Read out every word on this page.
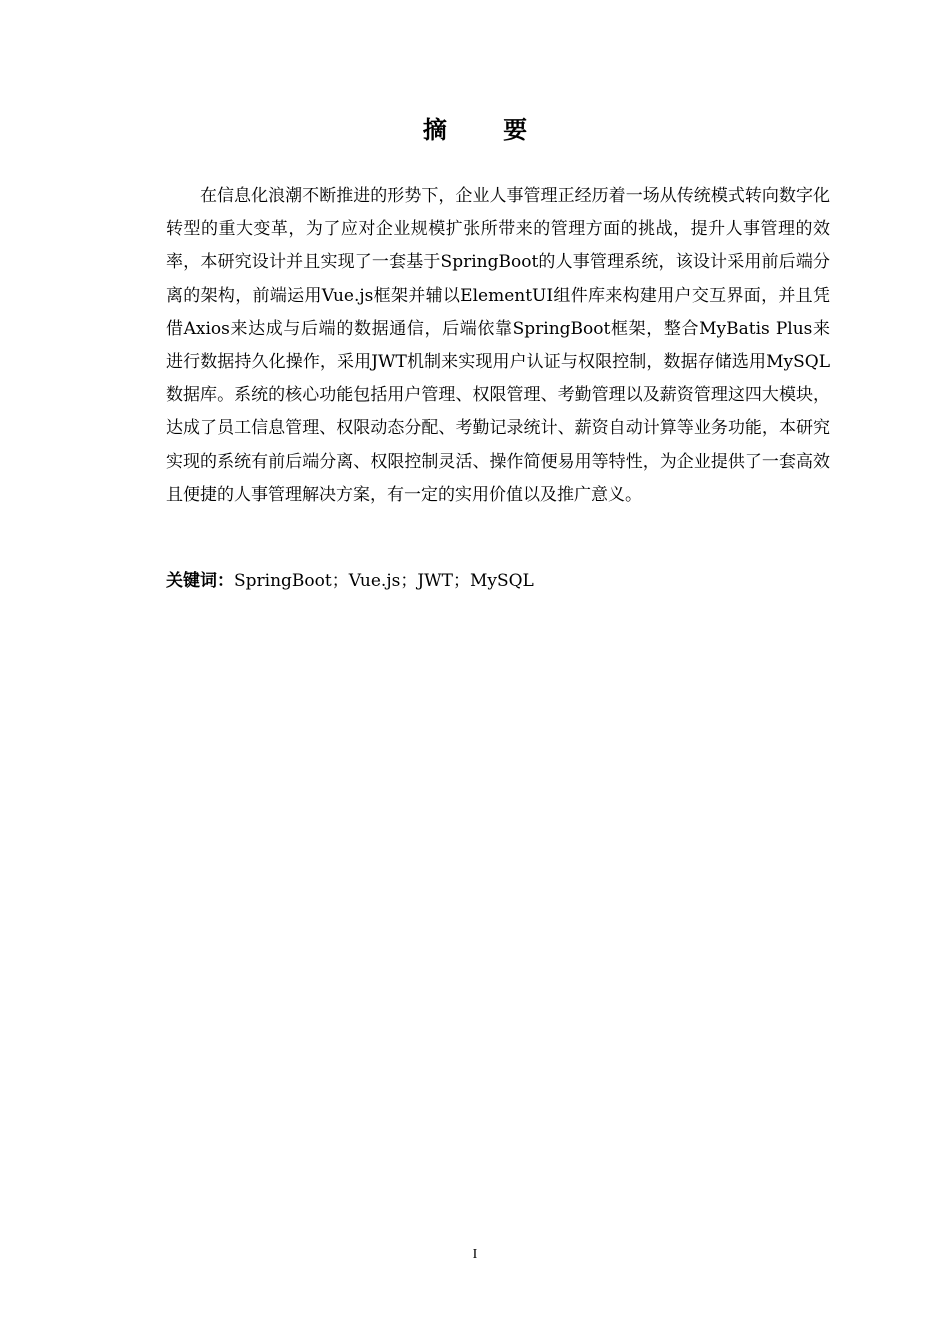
摘 要

在信息化浪潮不断推进的形势下，企业人事管理正经历着一场从传统模式转向数字化转型的重大变革，为了应对企业规模扩张所带来的管理方面的挑战，提升人事管理的效率，本研究设计并且实现了一套基于SpringBoot的人事管理系统，该设计采用前后端分离的架构，前端运用Vue.js框架并辅以ElementUI组件库来构建用户交互界面，并且凭借Axios来达成与后端的数据通信，后端依靠SpringBoot框架，整合MyBatis Plus来进行数据持久化操作，采用JWT机制来实现用户认证与权限控制，数据存储选用MySQL数据库。系统的核心功能包括用户管理、权限管理、考勤管理以及薪资管理这四大模块，达成了员工信息管理、权限动态分配、考勤记录统计、薪资自动计算等业务功能，本研究实现的系统有前后端分离、权限控制灵活、操作简便易用等特性，为企业提供了一套高效且便捷的人事管理解决方案，有一定的实用价值以及推广意义。

关键词：SpringBoot；Vue.js；JWT；MySQL

I
